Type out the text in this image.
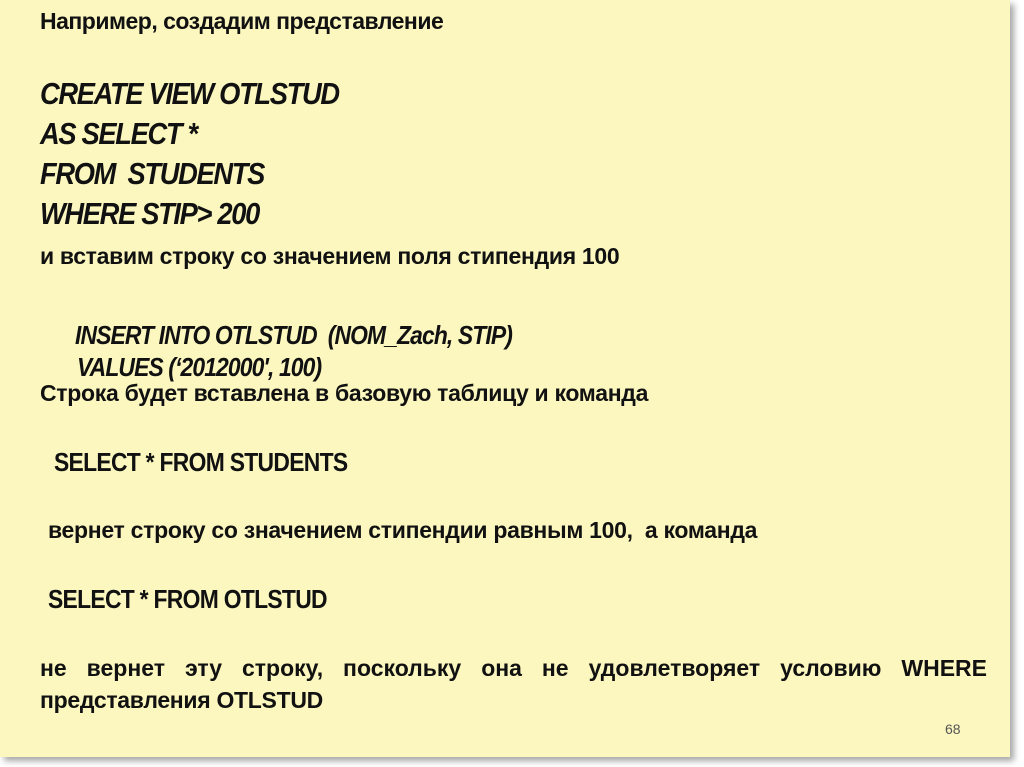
Например, создадим представление
CREATE VIEW OTLSTUD
AS SELECT *
FROM  STUDENTS
WHERE STIP> 200
и вставим строку со значением поля стипендия 100
INSERT INTO OTLSTUD  (NOM_Zach, STIP)
VALUES (‘2012000', 100)
Строка будет вставлена в базовую таблицу и команда
SELECT * FROM STUDENTS
вернет строку со значением стипендии равным 100,  а команда
SELECT * FROM OTLSTUD
не вернет эту строку, поскольку она не удовлетворяет условию WHERE
представления OTLSTUD
68
